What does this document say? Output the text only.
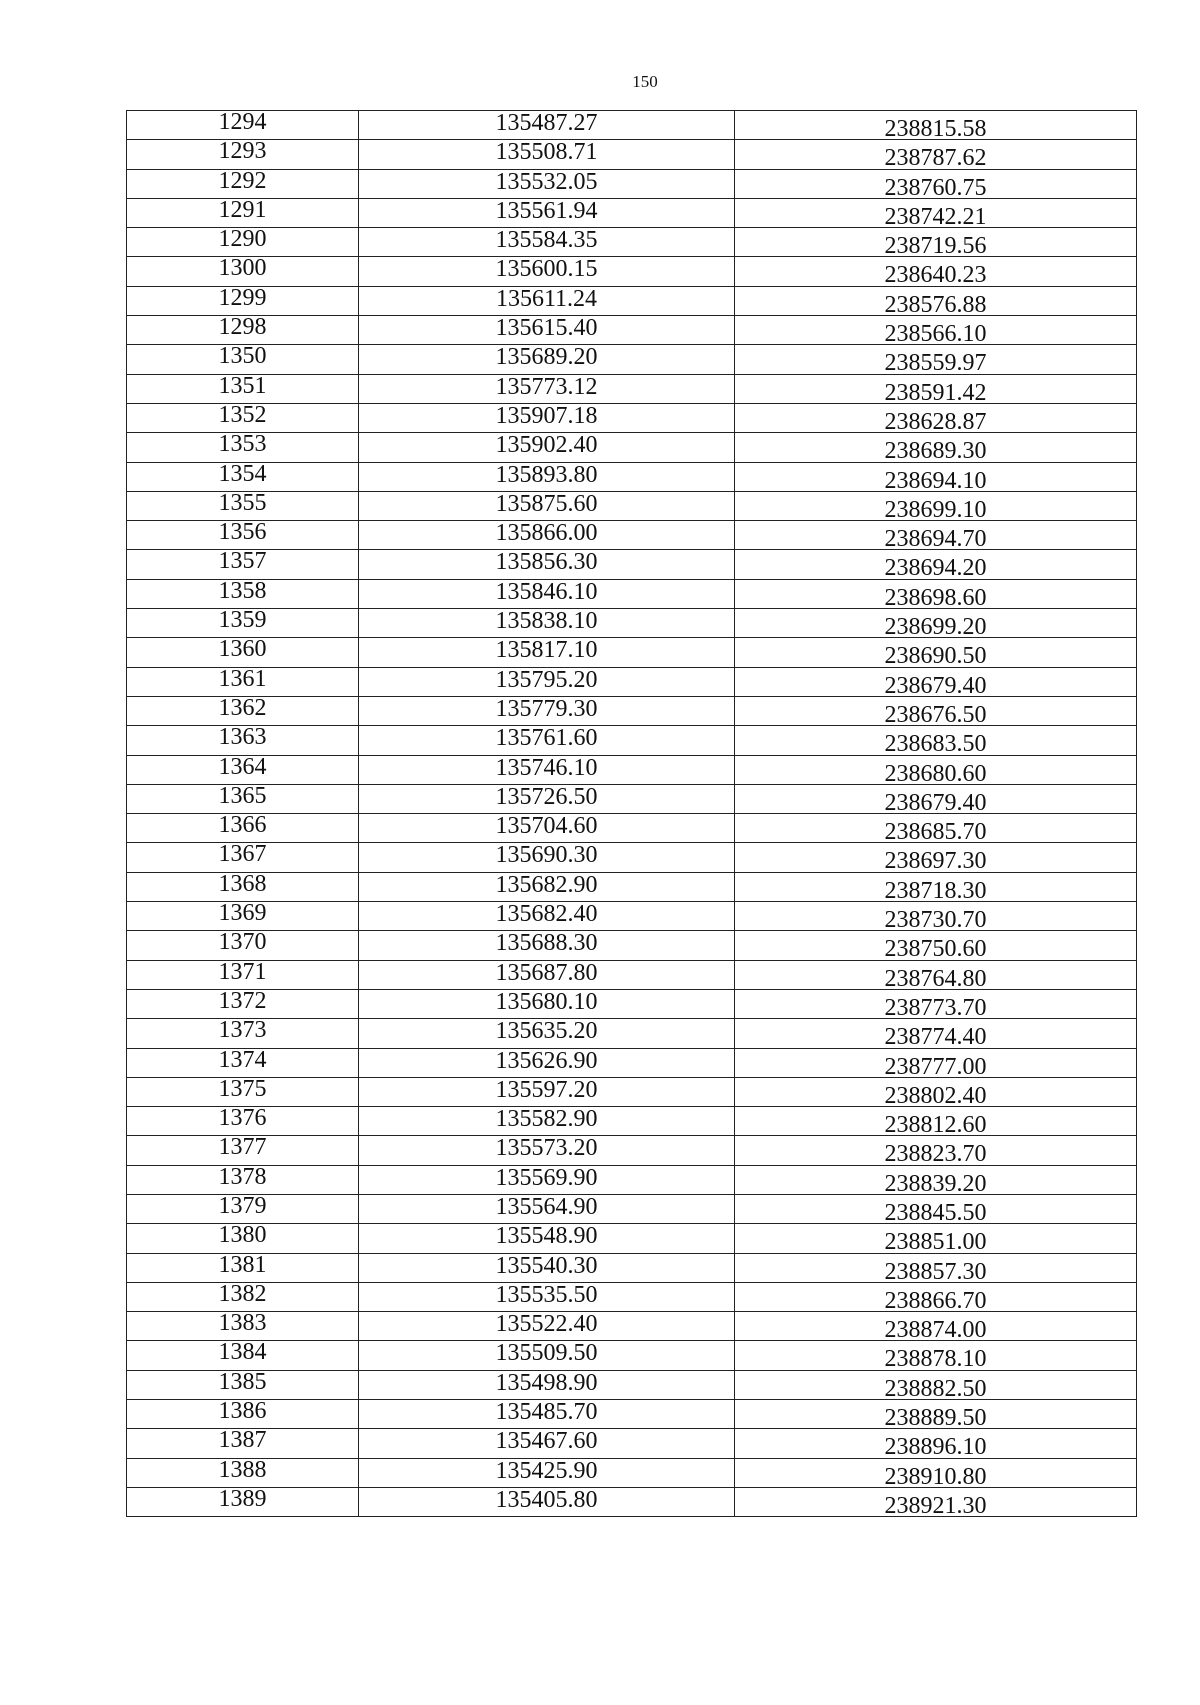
150
1294	135487.27	238815.58
1293	135508.71	238787.62
1292	135532.05	238760.75
1291	135561.94	238742.21
1290	135584.35	238719.56
1300	135600.15	238640.23
1299	135611.24	238576.88
1298	135615.40	238566.10
1350	135689.20	238559.97
1351	135773.12	238591.42
1352	135907.18	238628.87
1353	135902.40	238689.30
1354	135893.80	238694.10
1355	135875.60	238699.10
1356	135866.00	238694.70
1357	135856.30	238694.20
1358	135846.10	238698.60
1359	135838.10	238699.20
1360	135817.10	238690.50
1361	135795.20	238679.40
1362	135779.30	238676.50
1363	135761.60	238683.50
1364	135746.10	238680.60
1365	135726.50	238679.40
1366	135704.60	238685.70
1367	135690.30	238697.30
1368	135682.90	238718.30
1369	135682.40	238730.70
1370	135688.30	238750.60
1371	135687.80	238764.80
1372	135680.10	238773.70
1373	135635.20	238774.40
1374	135626.90	238777.00
1375	135597.20	238802.40
1376	135582.90	238812.60
1377	135573.20	238823.70
1378	135569.90	238839.20
1379	135564.90	238845.50
1380	135548.90	238851.00
1381	135540.30	238857.30
1382	135535.50	238866.70
1383	135522.40	238874.00
1384	135509.50	238878.10
1385	135498.90	238882.50
1386	135485.70	238889.50
1387	135467.60	238896.10
1388	135425.90	238910.80
1389	135405.80	238921.30
